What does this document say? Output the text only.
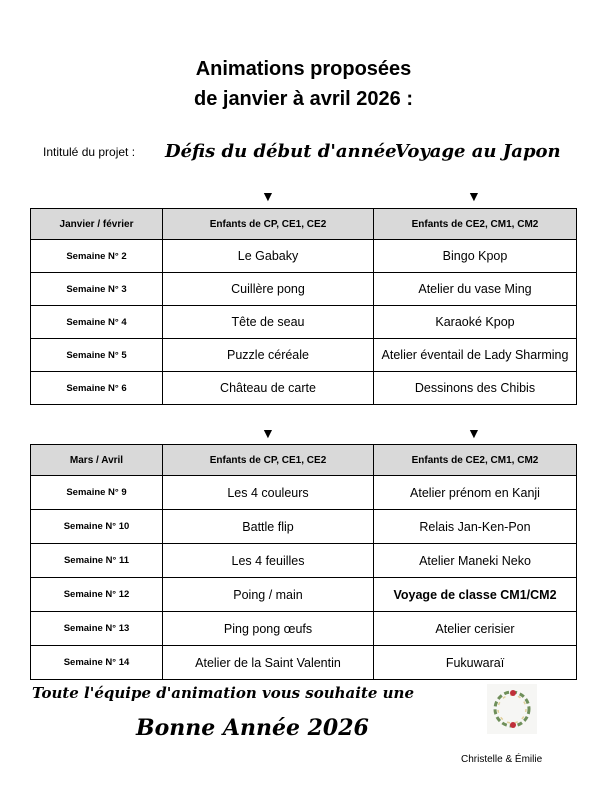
Animations proposées
de janvier à avril 2026 :
Intitulé du projet : Défis du début d'année
Voyage au Japon
▼	▼
Janvier / février	Enfants de CP, CE1, CE2	Enfants de CE2, CM1, CM2
Semaine N° 2	Le Gabaky	Bingo Kpop
Semaine N° 3	Cuillère pong	Atelier du vase Ming
Semaine N° 4	Tête de seau	Karaoké Kpop
Semaine N° 5	Puzzle céréale	Atelier éventail de Lady Sharming
Semaine N° 6	Château de carte	Dessinons des Chibis
▼	▼
Mars / Avril	Enfants de CP, CE1, CE2	Enfants de CE2, CM1, CM2
Semaine N° 9	Les 4 couleurs	Atelier prénom en Kanji
Semaine N° 10	Battle flip	Relais Jan-Ken-Pon
Semaine N° 11	Les 4 feuilles	Atelier Maneki Neko
Semaine N° 12	Poing / main	Voyage de classe CM1/CM2
Semaine N° 13	Ping pong œufs	Atelier cerisier
Semaine N° 14	Atelier de la Saint Valentin	Fukuwaraï
Toute l'équipe d'animation vous souhaite une
Bonne Année 2026
Christelle & Émilie
